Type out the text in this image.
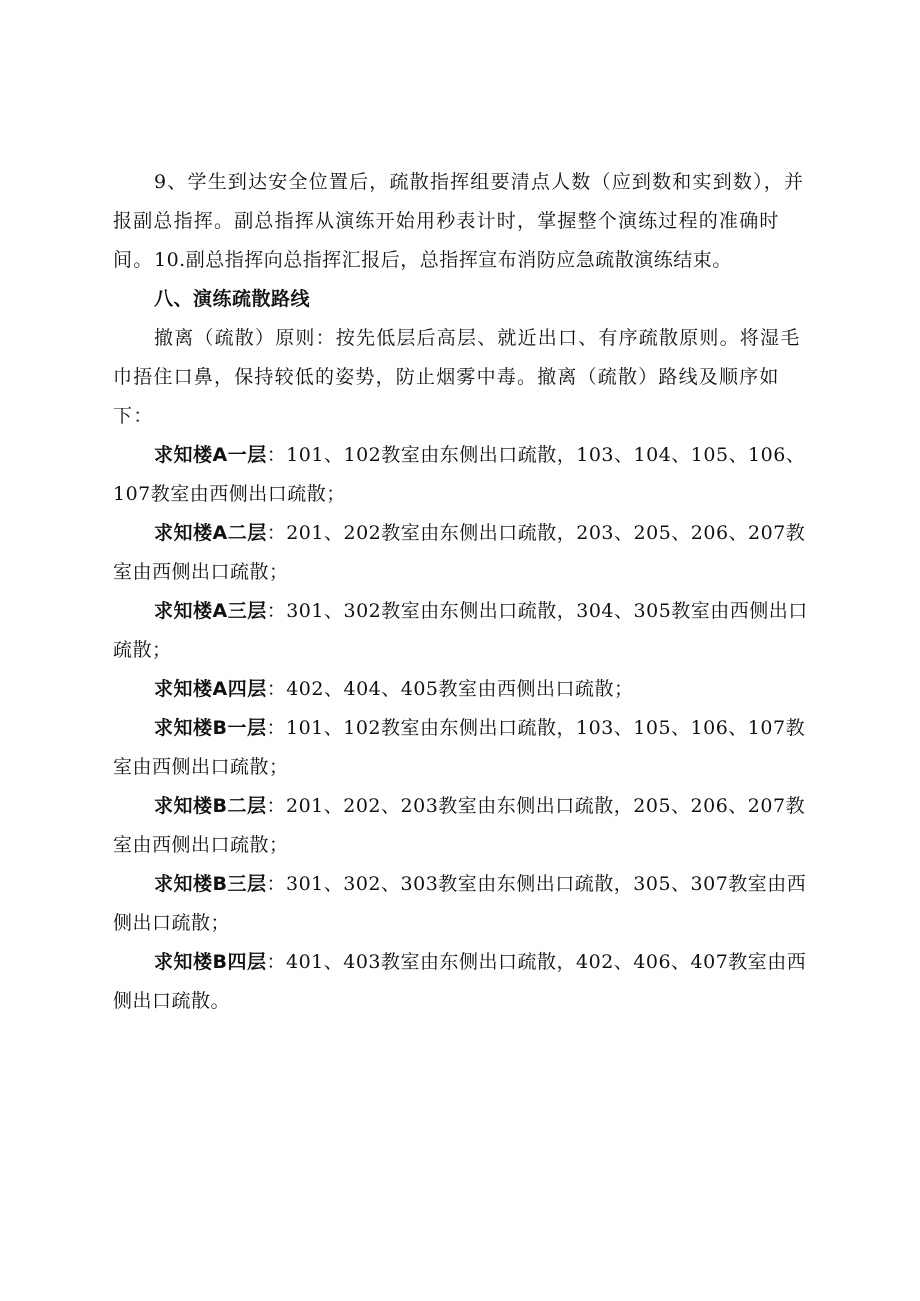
9、学生到达安全位置后，疏散指挥组要清点人数（应到数和实到数），并报副总指挥。副总指挥从演练开始用秒表计时，掌握整个演练过程的准确时间。 10.副总指挥向总指挥汇报后，总指挥宣布消防应急疏散演练结束。

八、演练疏散路线

撤离（疏散）原则：按先低层后高层、就近出口、有序疏散原则。将湿毛巾捂住口鼻，保持较低的姿势，防止烟雾中毒。撤离（疏散）路线及顺序如下：

求知楼A一层：101、102教室由东侧出口疏散，103、104、105、106、107教室由西侧出口疏散；

求知楼A二层：201、202教室由东侧出口疏散，203、205、206、207教室由西侧出口疏散；

求知楼A三层：301、302教室由东侧出口疏散，304、305教室由西侧出口疏散；

求知楼A四层：402、404、405教室由西侧出口疏散；

求知楼B一层：101、102教室由东侧出口疏散，103、105、106、107教室由西侧出口疏散；

求知楼B二层：201、202、203教室由东侧出口疏散，205、206、207教室由西侧出口疏散；

求知楼B三层：301、302、303教室由东侧出口疏散，305、307教室由西侧出口疏散；

求知楼B四层：401、403教室由东侧出口疏散，402、406、407教室由西侧出口疏散。
